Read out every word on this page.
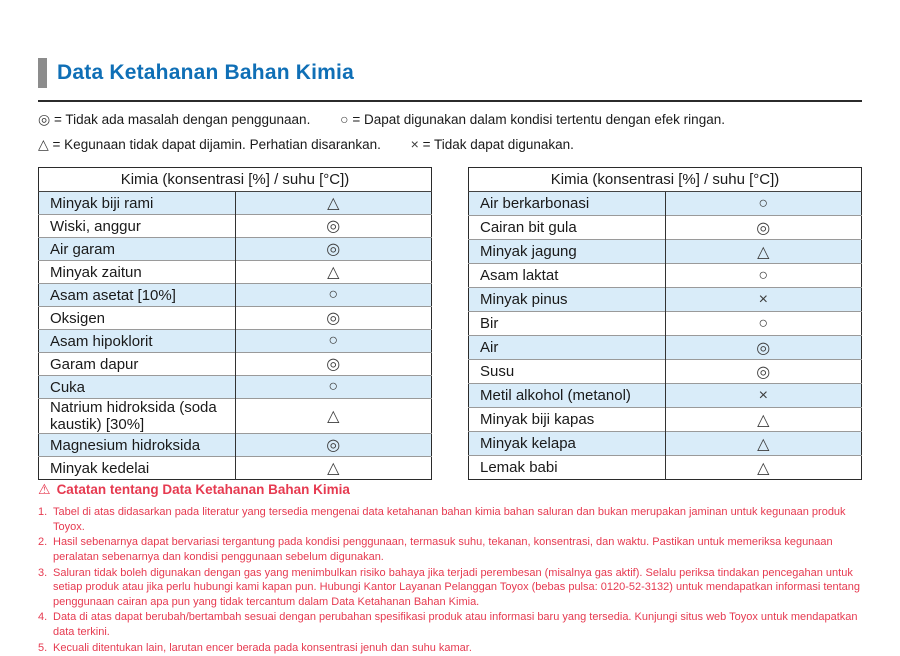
Data Ketahanan Bahan Kimia
◎ = Tidak ada masalah dengan penggunaan. ○ = Dapat digunakan dalam kondisi tertentu dengan efek ringan.
△ = Kegunaan tidak dapat dijamin. Perhatian disarankan. × = Tidak dapat digunakan.
Kimia (konsentrasi [%] / suhu [°C])	
Minyak biji rami	△
Wiski, anggur	◎
Air garam	◎
Minyak zaitun	△
Asam asetat [10%]	○
Oksigen	◎
Asam hipoklorit	○
Garam dapur	◎
Cuka	○
Natrium hidroksida (soda kaustik) [30%]	△
Magnesium hidroksida	◎
Minyak kedelai	△
Kimia (konsentrasi [%] / suhu [°C])	
Air berkarbonasi	○
Cairan bit gula	◎
Minyak jagung	△
Asam laktat	○
Minyak pinus	×
Bir	○
Air	◎
Susu	◎
Metil alkohol (metanol)	×
Minyak biji kapas	△
Minyak kelapa	△
Lemak babi	△
⚠ Catatan tentang Data Ketahanan Bahan Kimia
1. Tabel di atas didasarkan pada literatur yang tersedia mengenai data ketahanan bahan kimia bahan saluran dan bukan merupakan jaminan untuk kegunaan produk Toyox.
2. Hasil sebenarnya dapat bervariasi tergantung pada kondisi penggunaan, termasuk suhu, tekanan, konsentrasi, dan waktu. Pastikan untuk memeriksa kegunaan peralatan sebenarnya dan kondisi penggunaan sebelum digunakan.
3. Saluran tidak boleh digunakan dengan gas yang menimbulkan risiko bahaya jika terjadi perembesan (misalnya gas aktif). Selalu periksa tindakan pencegahan untuk setiap produk atau jika perlu hubungi kami kapan pun. Hubungi Kantor Layanan Pelanggan Toyox (bebas pulsa: 0120-52-3132) untuk mendapatkan informasi tentang penggunaan cairan apa pun yang tidak tercantum dalam Data Ketahanan Bahan Kimia.
4. Data di atas dapat berubah/bertambah sesuai dengan perubahan spesifikasi produk atau informasi baru yang tersedia. Kunjungi situs web Toyox untuk mendapatkan data terkini.
5. Kecuali ditentukan lain, larutan encer berada pada konsentrasi jenuh dan suhu kamar.
